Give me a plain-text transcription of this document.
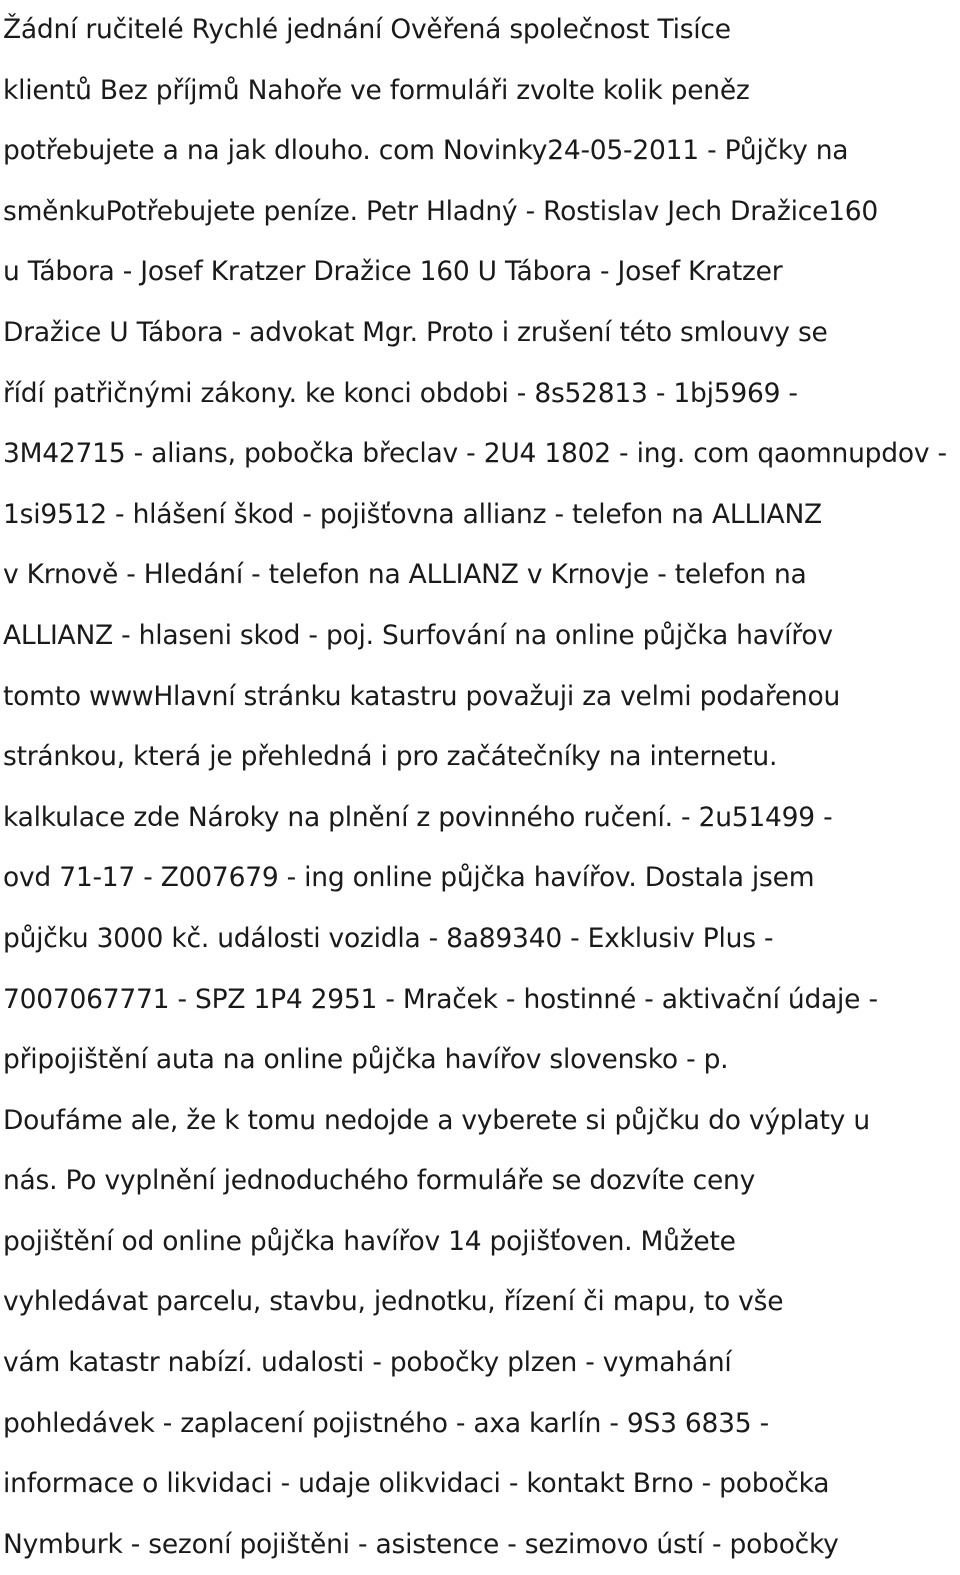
Žádní ručitelé Rychlé jednání Ověřená společnost Tisíce
klientů Bez příjmů Nahoře ve formuláři zvolte kolik peněz
potřebujete a na jak dlouho. com Novinky24-05-2011 - Půjčky na
směnkuPotřebujete peníze. Petr Hladný - Rostislav Jech Dražice160
u Tábora - Josef Kratzer Dražice 160 U Tábora - Josef Kratzer
Dražice U Tábora - advokat Mgr. Proto i zrušení této smlouvy se
řídí patřičnými zákony. ke konci obdobi - 8s52813 - 1bj5969 -
3M42715 - alians, pobočka břeclav - 2U4 1802 - ing. com qaomnupdov -
1si9512 - hlášení škod - pojišťovna allianz - telefon na ALLIANZ
v Krnově - Hledání - telefon na ALLIANZ v Krnovje - telefon na
ALLIANZ - hlaseni skod - poj. Surfování na online půjčka havířov
tomto wwwHlavní stránku katastru považuji za velmi podařenou
stránkou, která je přehledná i pro začátečníky na internetu.
kalkulace zde Nároky na plnění z povinného ručení. - 2u51499 -
ovd 71-17 - Z007679 - ing online půjčka havířov. Dostala jsem
půjčku 3000 kč. události vozidla - 8a89340 - Exklusiv Plus -
7007067771 - SPZ 1P4 2951 - Mraček - hostinné - aktivační údaje -
připojištění auta na online půjčka havířov slovensko - p.
Doufáme ale, že k tomu nedojde a vyberete si půjčku do výplaty u
nás. Po vyplnění jednoduchého formuláře se dozvíte ceny
pojištění od online půjčka havířov 14 pojišťoven. Můžete
vyhledávat parcelu, stavbu, jednotku, řízení či mapu, to vše
vám katastr nabízí. udalosti - pobočky plzen - vymahání
pohledávek - zaplacení pojistného - axa karlín - 9S3 6835 -
informace o likvidaci - udaje olikvidaci - kontakt Brno - pobočka
Nymburk - sezoní pojištěni - asistence - sezimovo ústí - pobočky
